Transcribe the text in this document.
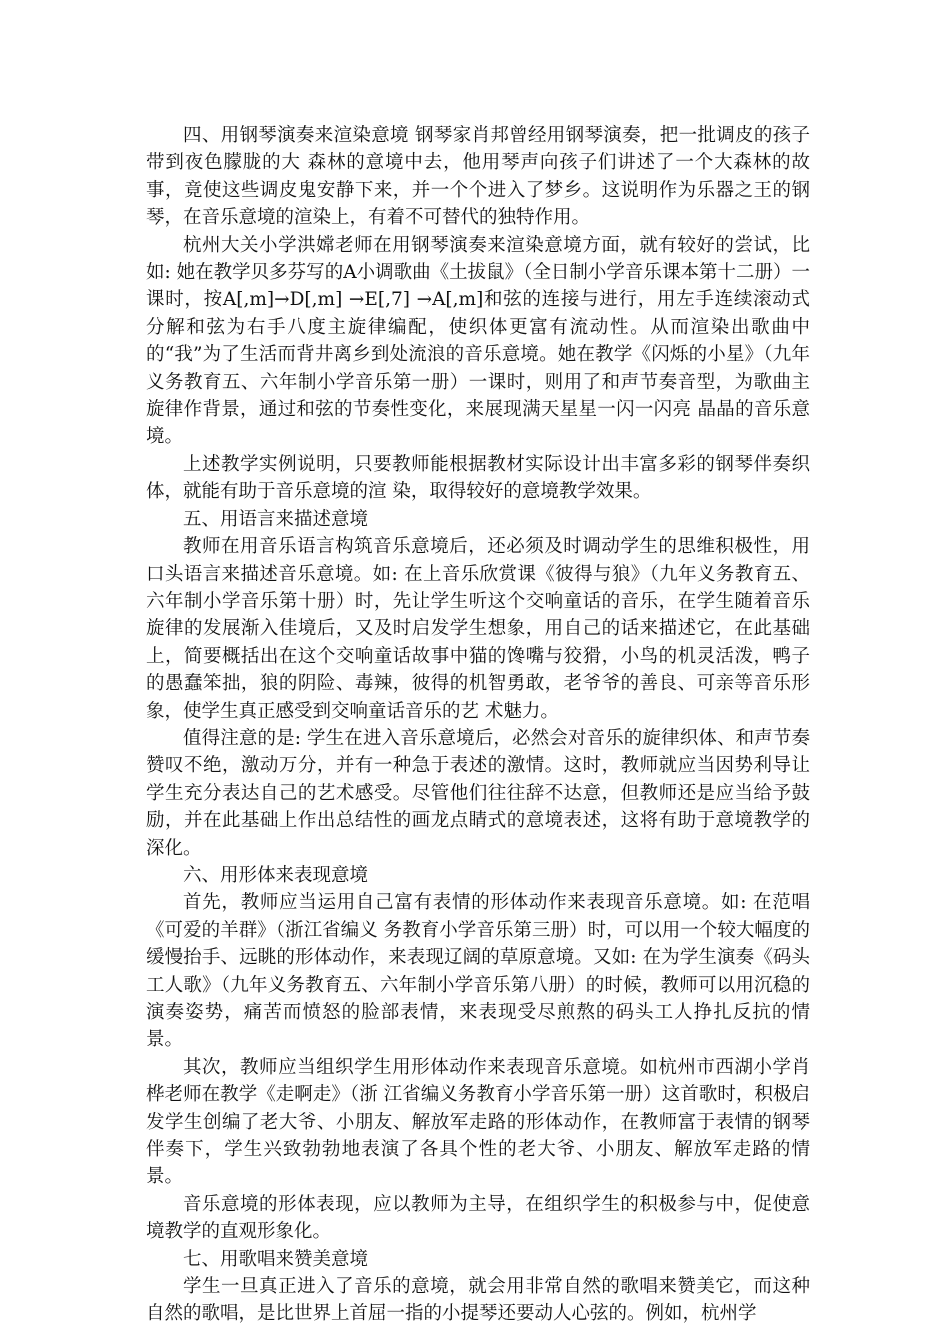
四、用钢琴演奏来渲染意境 钢琴家肖邦曾经用钢琴演奏，把一批调皮的孩子带到夜色朦胧的大 森林的意境中去，他用琴声向孩子们讲述了一个大森林的故事，竟使这些调皮鬼安静下来，并一个个进入了梦乡。这说明作为乐器之王的钢琴，在音乐意境的渲染上，有着不可替代的独特作用。

杭州大关小学洪嫦老师在用钢琴演奏来渲染意境方面，就有较好的尝试，比如: 她在教学贝多芬写的A小调歌曲《土拔鼠》（全日制小学音乐课本第十二册）一课时，按A[,m]→D[,m] →E[,7] →A[,m]和弦的连接与进行，用左手连续滚动式分解和弦为右手八度主旋律编配，使织体更富有流动性。从而渲染出歌曲中的“我”为了生活而背井离乡到处流浪的音乐意境。她在教学《闪烁的小星》（九年义务教育五、六年制小学音乐第一册）一课时，则用了和声节奏音型，为歌曲主旋律作背景，通过和弦的节奏性变化，来展现满天星星一闪一闪亮 晶晶的音乐意境。

上述教学实例说明，只要教师能根据教材实际设计出丰富多彩的钢琴伴奏织体，就能有助于音乐意境的渲 染，取得较好的意境教学效果。

五、用语言来描述意境

教师在用音乐语言构筑音乐意境后，还必须及时调动学生的思维积极性，用口头语言来描述音乐意境。如: 在上音乐欣赏课《彼得与狼》（九年义务教育五、六年制小学音乐第十册）时，先让学生听这个交响童话的音乐，在学生随着音乐旋律的发展渐入佳境后，又及时启发学生想象，用自己的话来描述它，在此基础上，简要概括出在这个交响童话故事中猫的馋嘴与狡猾，小鸟的机灵活泼，鸭子的愚蠢笨拙，狼的阴险、毒辣，彼得的机智勇敢，老爷爷的善良、可亲等音乐形象，使学生真正感受到交响童话音乐的艺 术魅力。

值得注意的是: 学生在进入音乐意境后，必然会对音乐的旋律织体、和声节奏赞叹不绝，激动万分，并有一种急于表述的激情。这时，教师就应当因势利导让学生充分表达自己的艺术感受。尽管他们往往辞不达意，但教师还是应当给予鼓励，并在此基础上作出总结性的画龙点睛式的意境表述，这将有助于意境教学的深化。

六、用形体来表现意境

首先，教师应当运用自己富有表情的形体动作来表现音乐意境。如: 在范唱《可爱的羊群》（浙江省编义 务教育小学音乐第三册）时，可以用一个较大幅度的缓慢抬手、远眺的形体动作，来表现辽阔的草原意境。又如: 在为学生演奏《码头工人歌》（九年义务教育五、六年制小学音乐第八册）的时候，教师可以用沉稳的演奏姿势，痛苦而愤怒的脸部表情，来表现受尽煎熬的码头工人挣扎反抗的情景。

其次，教师应当组织学生用形体动作来表现音乐意境。如杭州市西湖小学肖桦老师在教学《走啊走》（浙 江省编义务教育小学音乐第一册）这首歌时，积极启发学生创编了老大爷、小朋友、解放军走路的形体动作，在教师富于表情的钢琴伴奏下，学生兴致勃勃地表演了各具个性的老大爷、小朋友、解放军走路的情景。

音乐意境的形体表现，应以教师为主导，在组织学生的积极参与中，促使意境教学的直观形象化。

七、用歌唱来赞美意境

学生一旦真正进入了音乐的意境，就会用非常自然的歌唱来赞美它，而这种自然的歌唱，是比世界上首屈一指的小提琴还要动人心弦的。例如，杭州学
